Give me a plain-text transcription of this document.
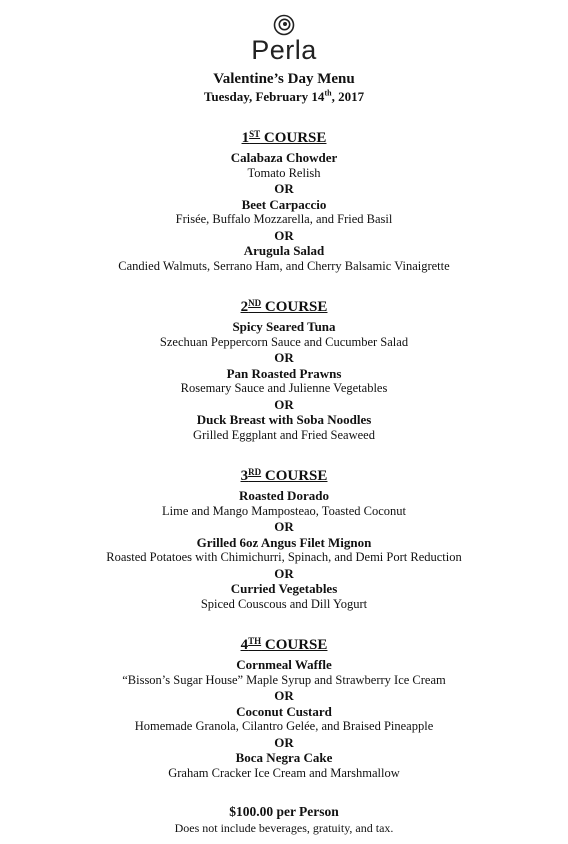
Perla
Valentine’s Day Menu
Tuesday, February 14th, 2017
1ST COURSE
Calabaza Chowder
Tomato Relish
OR
Beet Carpaccio
Frisée, Buffalo Mozzarella, and Fried Basil
OR
Arugula Salad
Candied Walmuts, Serrano Ham, and Cherry Balsamic Vinaigrette
2ND COURSE
Spicy Seared Tuna
Szechuan Peppercorn Sauce and Cucumber Salad
OR
Pan Roasted Prawns
Rosemary Sauce and Julienne Vegetables
OR
Duck Breast with Soba Noodles
Grilled Eggplant and Fried Seaweed
3RD COURSE
Roasted Dorado
Lime and Mango Mamposteao, Toasted Coconut
OR
Grilled 6oz Angus Filet Mignon
Roasted Potatoes with Chimichurri, Spinach, and Demi Port Reduction
OR
Curried Vegetables
Spiced Couscous and Dill Yogurt
4TH COURSE
Cornmeal Waffle
“Bisson’s Sugar House” Maple Syrup and Strawberry Ice Cream
OR
Coconut Custard
Homemade Granola, Cilantro Gelée, and Braised Pineapple
OR
Boca Negra Cake
Graham Cracker Ice Cream and Marshmallow
$100.00 per Person
Does not include beverages, gratuity, and tax.
